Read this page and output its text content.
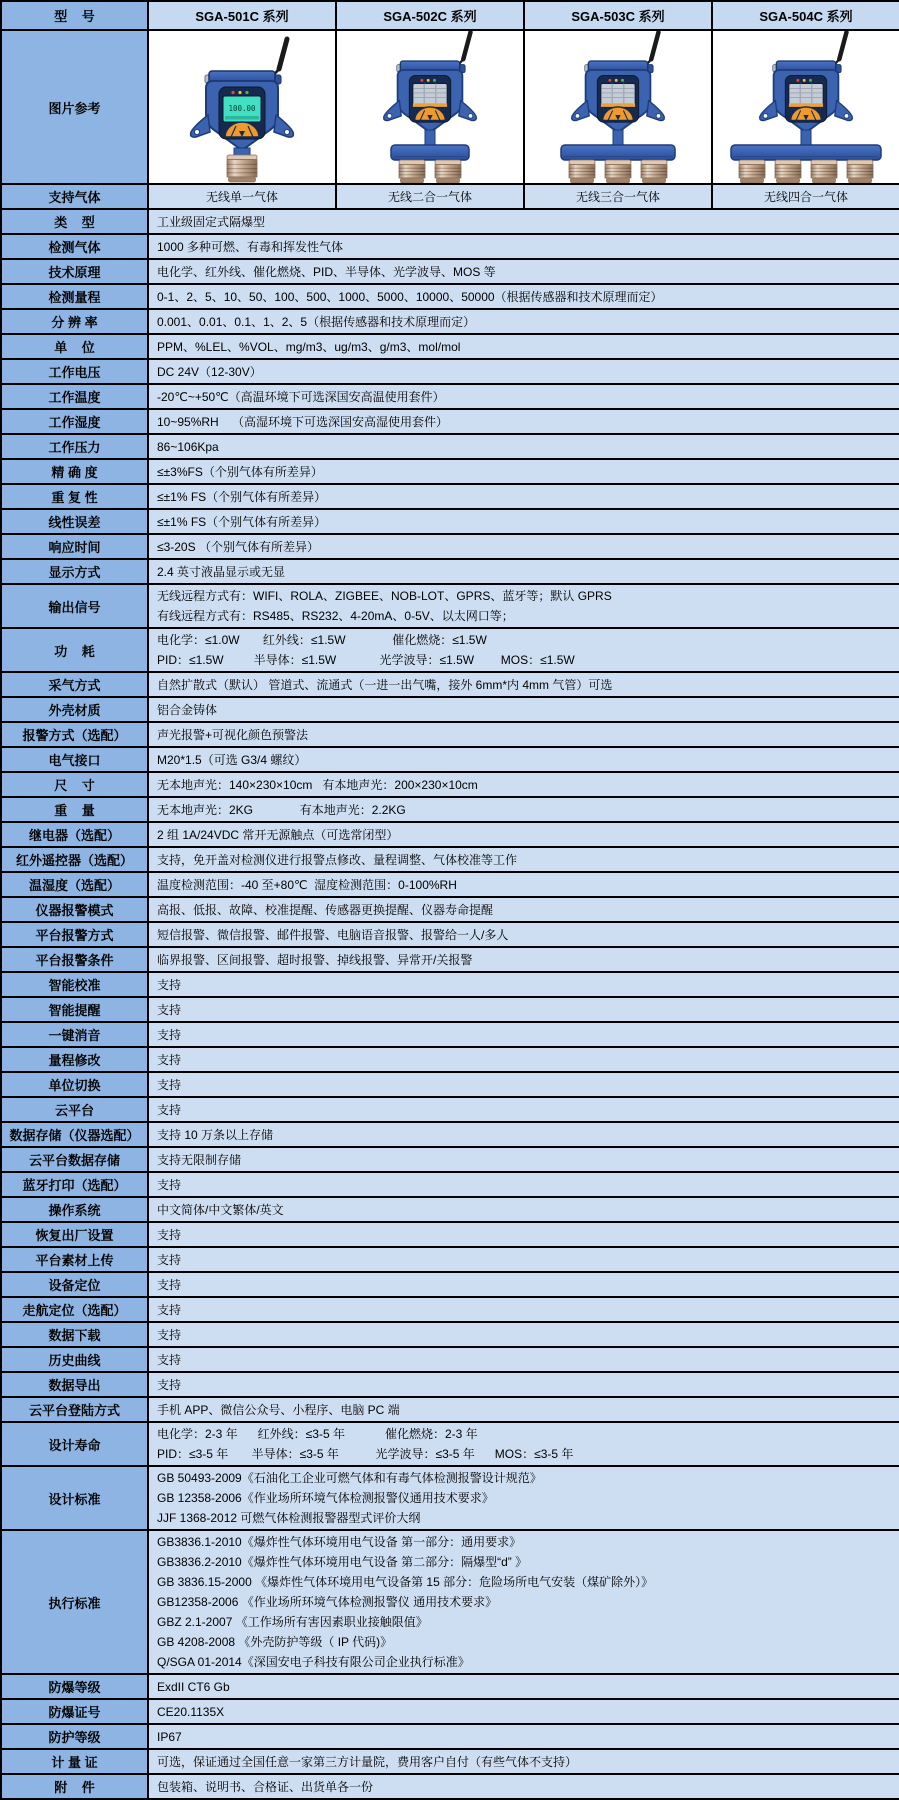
型    号	SGA-501C 系列	SGA-502C 系列	SGA-503C 系列	SGA-504C 系列
图片参考	100.00

支持气体	无线单一气体	无线二合一气体	无线三合一气体	无线四合一气体
类    型	工业级固定式隔爆型			

检测气体	1000 多种可燃、有毒和挥发性气体			

技术原理	电化学、红外线、催化燃烧、PID、半导体、光学波导、MOS 等			

检测量程	0-1、2、5、10、50、100、500、1000、5000、10000、50000（根据传感器和技术原理而定）			

分 辨 率	0.001、0.01、0.1、1、2、5（根据传感器和技术原理而定）			

单    位	PPM、%LEL、%VOL、mg/m3、ug/m3、g/m3、mol/mol			

工作电压	DC 24V（12-30V）			

工作温度	-20℃~+50℃（高温环境下可选深国安高温使用套件）			

工作湿度	10~95%RH    （高湿环境下可选深国安高湿使用套件）			

工作压力	86~106Kpa			

精 确 度	≤±3%FS（个别气体有所差异）			

重 复 性	≤±1% FS（个别气体有所差异）			

线性误差	≤±1% FS（个别气体有所差异）			

响应时间	≤3-20S （个别气体有所差异）			

显示方式	2.4 英寸液晶显示或无显			

输出信号	无线远程方式有：WIFI、ROLA、ZIGBEE、NOB-LOT、GPRS、蓝牙等；默认 GPRS
有线远程方式有：RS485、RS232、4-20mA、0-5V、以太网口等；			

功    耗	电化学：≤1.0W       红外线：≤1.5W              催化燃烧：≤1.5W
PID：≤1.5W         半导体：≤1.5W             光学波导：≤1.5W        MOS：≤1.5W			

采气方式	自然扩散式（默认） 管道式、流通式（一进一出气嘴，接外 6mm*内 4mm 气管）可选			

外壳材质	铝合金铸体			

报警方式（选配）	声光报警+可视化颜色预警法			

电气接口	M20*1.5（可选 G3/4 螺纹）			

尺    寸	无本地声光：140×230×10cm   有本地声光：200×230×10cm			

重    量	无本地声光：2KG              有本地声光：2.2KG			

继电器（选配）	2 组 1A/24VDC 常开无源触点（可选常闭型）			

红外遥控器（选配）	支持，免开盖对检测仪进行报警点修改、量程调整、气体校准等工作			

温湿度（选配）	温度检测范围：-40 至+80℃  湿度检测范围：0-100%RH			

仪器报警模式	高报、低报、故障、校准提醒、传感器更换提醒、仪器寿命提醒			

平台报警方式	短信报警、微信报警、邮件报警、电脑语音报警、报警给一人/多人			

平台报警条件	临界报警、区间报警、超时报警、掉线报警、异常开/关报警			

智能校准	支持			

智能提醒	支持			

一键消音	支持			

量程修改	支持			

单位切换	支持			

云平台	支持			

数据存储（仪器选配）	支持 10 万条以上存储			

云平台数据存储	支持无限制存储			

蓝牙打印（选配）	支持			

操作系统	中文简体/中文繁体/英文			

恢复出厂设置	支持			

平台素材上传	支持			

设备定位	支持			

走航定位（选配）	支持			

数据下载	支持			

历史曲线	支持			

数据导出	支持			

云平台登陆方式	手机 APP、微信公众号、小程序、电脑 PC 端			

设计寿命	电化学：2-3 年      红外线：≤3-5 年            催化燃烧：2-3 年
PID：≤3-5 年       半导体：≤3-5 年           光学波导：≤3-5 年      MOS：≤3-5 年			

设计标准	GB 50493-2009《石油化工企业可燃气体和有毒气体检测报警设计规范》
GB 12358-2006《作业场所环境气体检测报警仪通用技术要求》
JJF 1368-2012 可燃气体检测报警器型式评价大纲			

执行标准	
GB3836.1-2010《爆炸性气体环境用电气设备 第一部分：通用要求》
GB3836.2-2010《爆炸性气体环境用电气设备 第二部分：隔爆型“d” 》
GB 3836.15-2000 《爆炸性气体环境用电气设备第 15 部分：危险场所电气安装（煤矿除外）》
GB12358-2006 《作业场所环境气体检测报警仪 通用技术要求》
GBZ 2.1-2007 《工作场所有害因素职业接触限值》
GB 4208-2008 《外壳防护等级（ IP 代码)》
Q/SGA 01-2014《深国安电子科技有限公司企业执行标准》

防爆等级	ExdII CT6 Gb			

防爆证号	CE20.1135X			

防护等级	IP67			

计 量 证	可选，保证通过全国任意一家第三方计量院，费用客户自付（有些气体不支持）			

附    件	包装箱、说明书、合格证、出货单各一份			
